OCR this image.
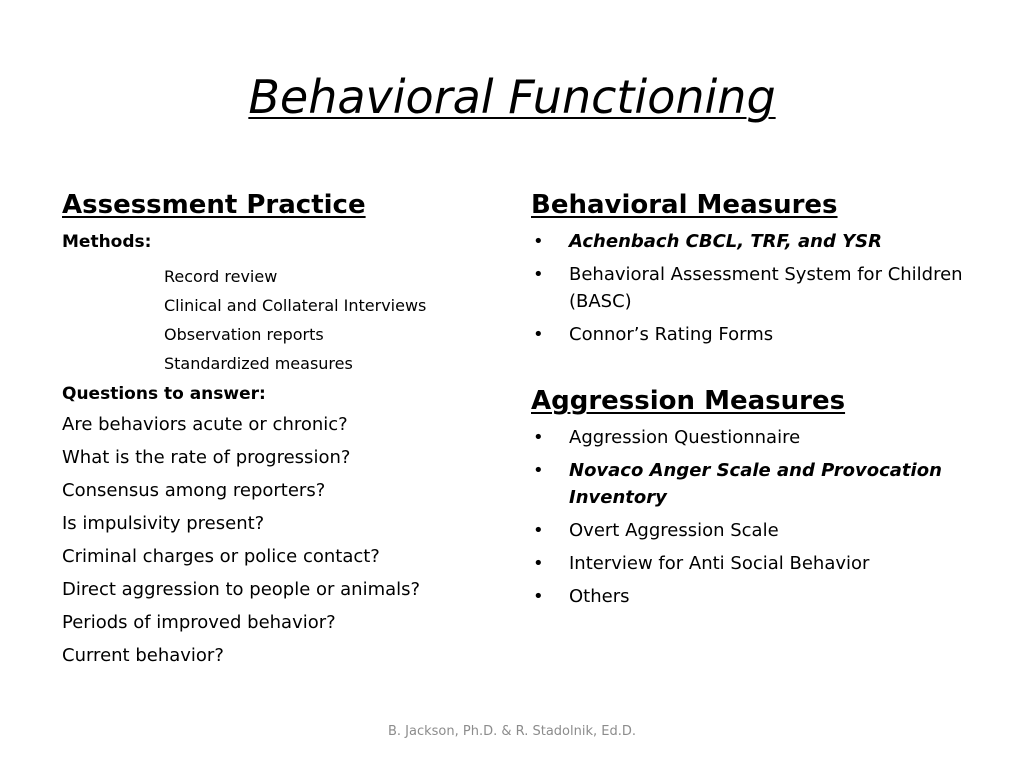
Behavioral Functioning
Assessment Practice
Methods:
Record review
Clinical and Collateral Interviews
Observation reports
Standardized measures
Questions to answer:
Are behaviors acute or chronic?
What is the rate of progression?
Consensus among reporters?
Is impulsivity present?
Criminal charges or police contact?
Direct aggression to people or animals?
Periods of improved behavior?
Current behavior?
Behavioral Measures
• Achenbach CBCL, TRF, and YSR
• Behavioral Assessment System for Children (BASC)
• Connor’s Rating Forms
Aggression Measures
• Aggression Questionnaire
• Novaco Anger Scale and Provocation Inventory
• Overt Aggression Scale
• Interview for Anti Social Behavior
• Others
B. Jackson, Ph.D. & R. Stadolnik, Ed.D.
